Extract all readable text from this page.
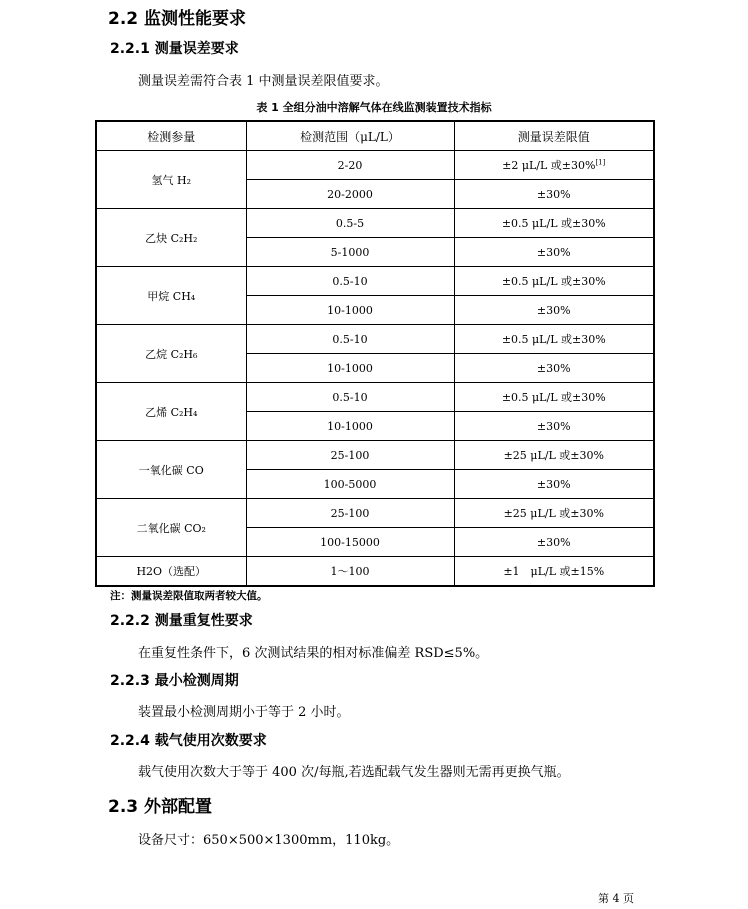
2.2 监测性能要求
2.2.1 测量误差要求
测量误差需符合表 1 中测量误差限值要求。
表 1 全组分油中溶解气体在线监测装置技术指标
检测参量	检测范围（μL/L）	测量误差限值
氢气 H₂	2-20	±2 μL/L 或±30%[1]
	20-2000	±30%
乙炔 C₂H₂	0.5-5	±0.5 μL/L 或±30%
	5-1000	±30%
甲烷 CH₄	0.5-10	±0.5 μL/L 或±30%
	10-1000	±30%
乙烷 C₂H₆	0.5-10	±0.5 μL/L 或±30%
	10-1000	±30%
乙烯 C₂H₄	0.5-10	±0.5 μL/L 或±30%
	10-1000	±30%
一氧化碳 CO	25-100	±25 μL/L 或±30%
	100-5000	±30%
二氧化碳 CO₂	25-100	±25 μL/L 或±30%
	100-15000	±30%
H2O（选配）	1～100	±1　μL/L 或±15%
注：测量误差限值取两者较大值。
2.2.2 测量重复性要求
在重复性条件下，6 次测试结果的相对标准偏差 RSD≤5%。
2.2.3 最小检测周期
装置最小检测周期小于等于 2 小时。
2.2.4 载气使用次数要求
载气使用次数大于等于 400 次/每瓶,若选配载气发生器则无需再更换气瓶。
2.3 外部配置
设备尺寸：650×500×1300mm，110kg。
第 4 页
